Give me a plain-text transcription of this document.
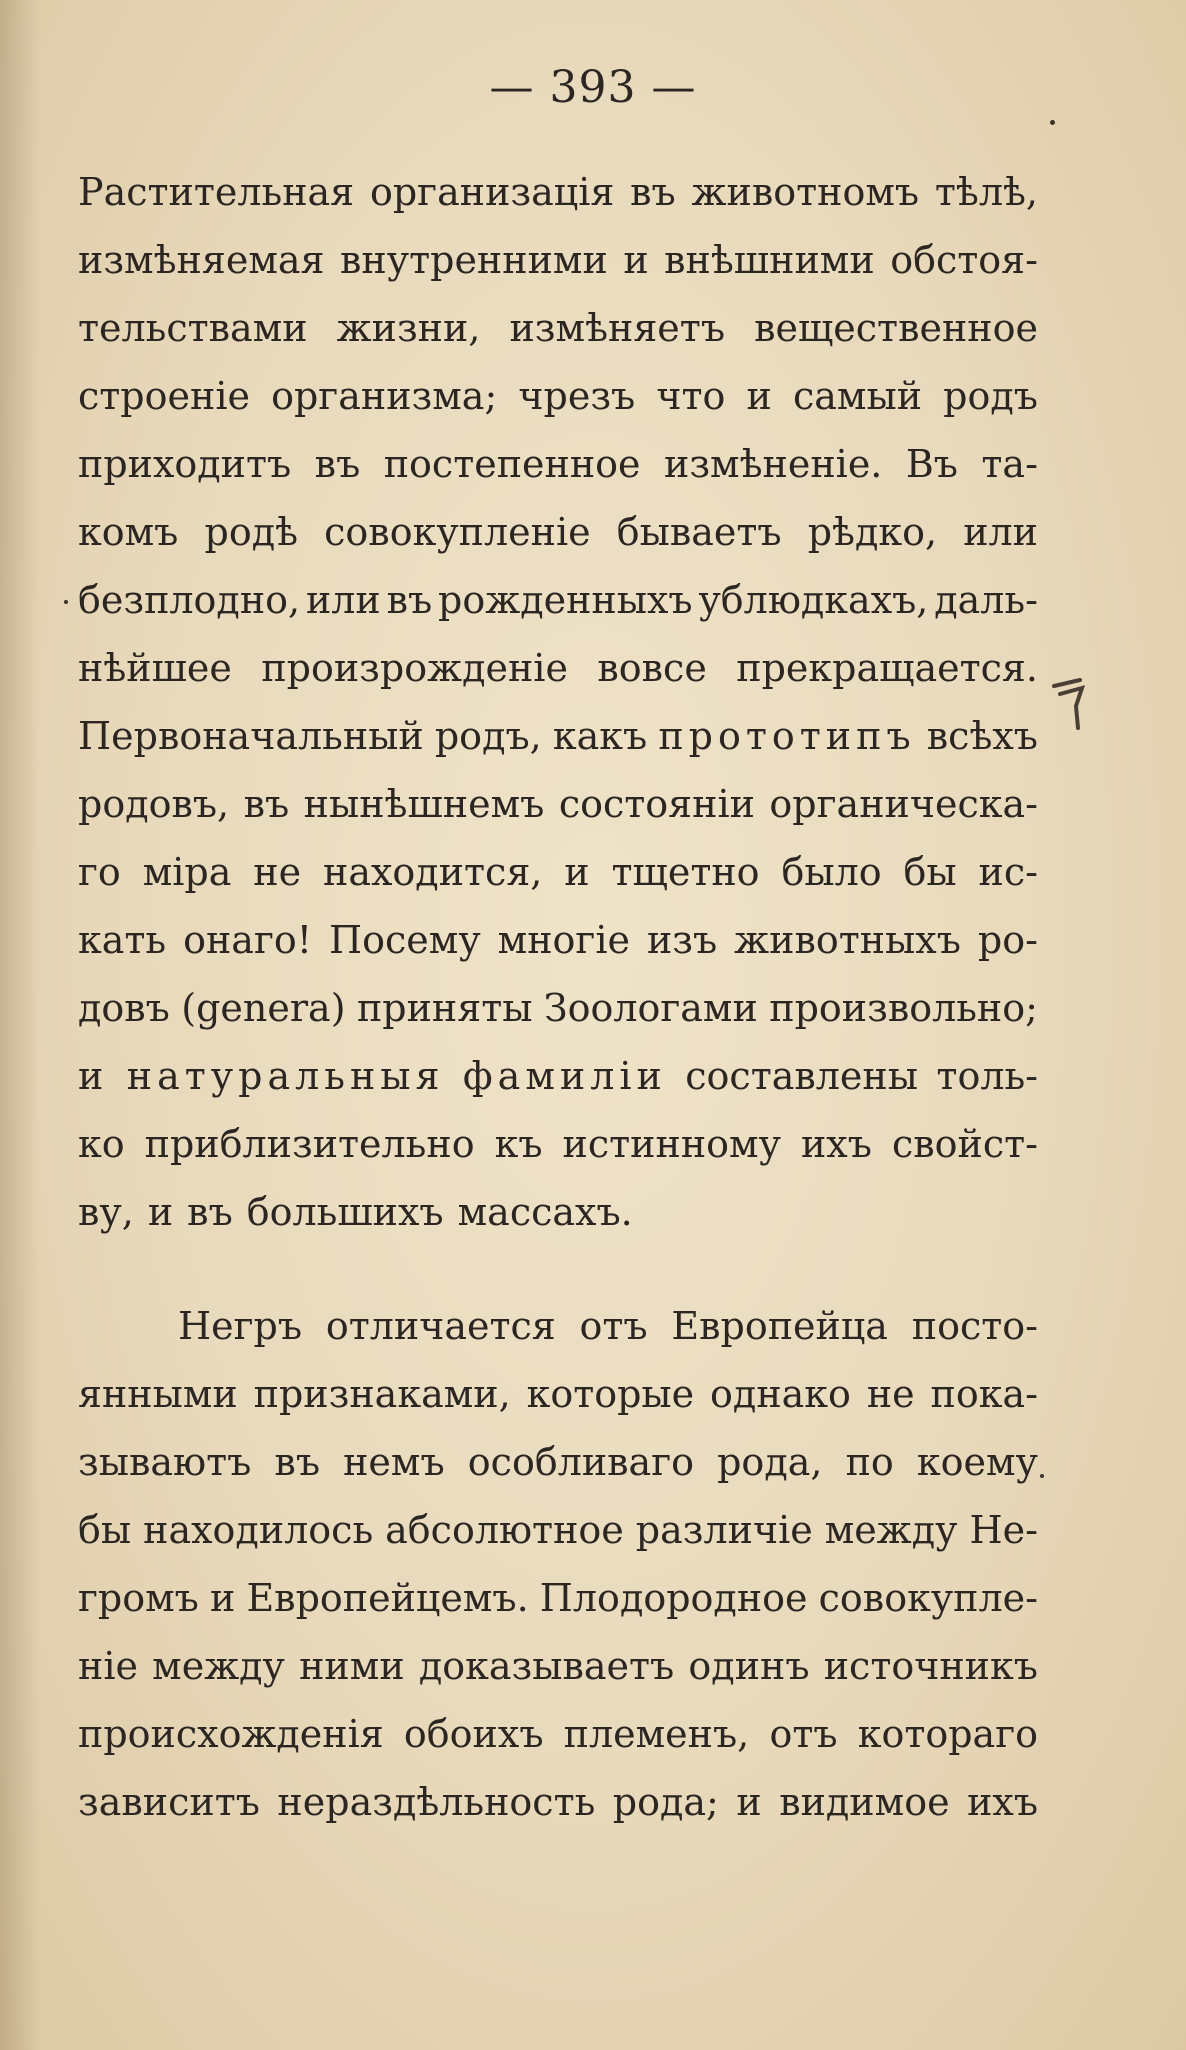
— 393 —
Растительная организація въ животномъ тѣлѣ,
измѣняемая внутренними и внѣшними обстоя-
тельствами жизни, измѣняетъ вещественное
строеніе организма; чрезъ что и самый родъ
приходитъ въ постепенное измѣненіе. Въ та-
комъ родѣ совокупленіе бываетъ рѣдко, или
безплодно, или въ рожденныхъ ублюдкахъ, даль-
нѣйшее произрожденіе вовсе прекращается.
Первоначальный родъ, какъ прототипъ всѣхъ
родовъ, въ нынѣшнемъ состояніи органическа-
го міра не находится, и тщетно было бы ис-
кать онаго! Посему многіе изъ животныхъ ро-
довъ (genera) приняты Зоологами произвольно;
и натуральныя фамиліи составлены толь-
ко приблизительно къ истинному ихъ свойст-
ву, и въ большихъ массахъ.
Негръ отличается отъ Европейца посто-
янными признаками, которые однако не пока-
зываютъ въ немъ особливаго рода, по коему
бы находилось абсолютное различіе между Не-
громъ и Европейцемъ. Плодородное совокупле-
ніе между ними доказываетъ одинъ источникъ
происхожденія обоихъ племенъ, отъ котораго
зависитъ нераздѣльность рода; и видимое ихъ
